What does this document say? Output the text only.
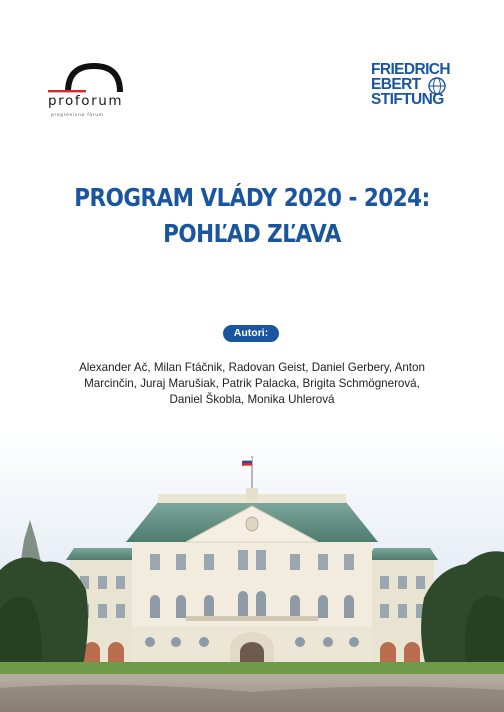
proforum
progresívne fórum
FRIEDRICH
EBERT
STIFTUNG
PROGRAM VLÁDY 2020 - 2024:
POHĽAD ZĽAVA
Autori:
Alexander Ač, Milan Ftáčnik, Radovan Geist, Daniel Gerbery, Anton
Marcinčin, Juraj Marušiak, Patrik Palacka, Brigita Schmögnerová,
Daniel Škobla, Monika Uhlerová
